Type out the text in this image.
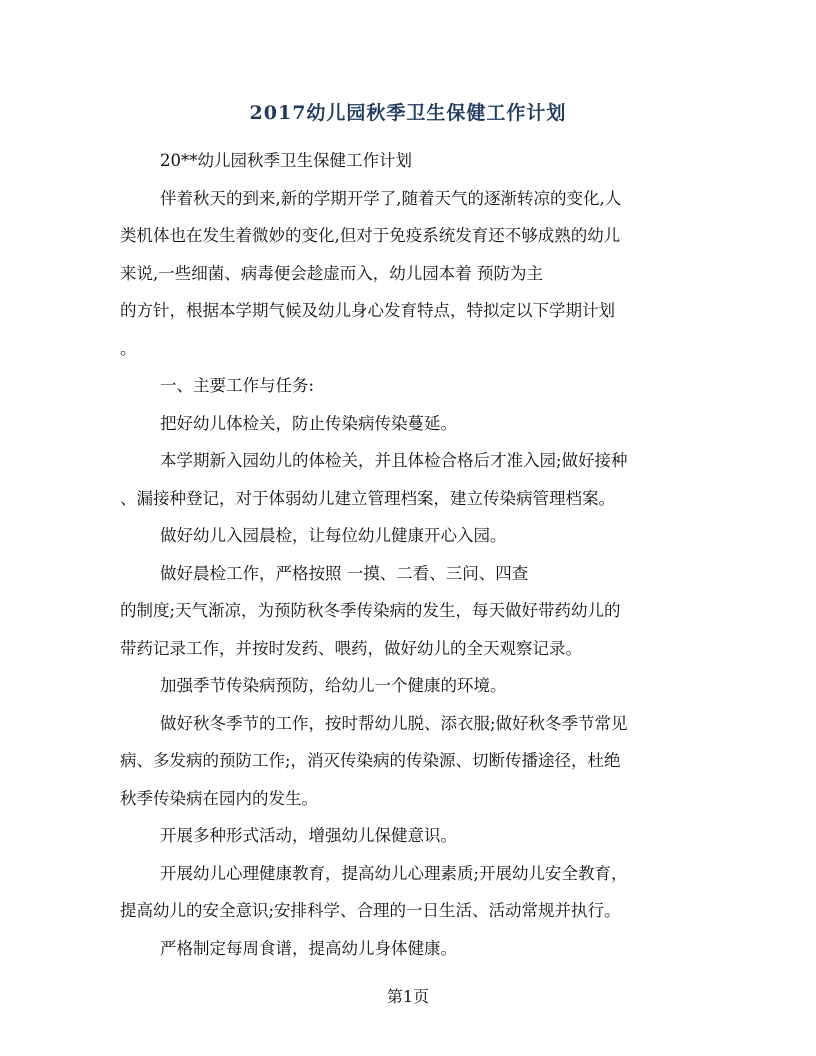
2017幼儿园秋季卫生保健工作计划
20**幼儿园秋季卫生保健工作计划
伴着秋天的到来,新的学期开学了,随着天气的逐渐转凉的变化,人
类机体也在发生着微妙的变化,但对于免疫系统发育还不够成熟的幼儿
来说,一些细菌、病毒便会趁虚而入，幼儿园本着 预防为主
的方针，根据本学期气候及幼儿身心发育特点，特拟定以下学期计划
。
一、主要工作与任务:
把好幼儿体检关，防止传染病传染蔓延。
本学期新入园幼儿的体检关，并且体检合格后才准入园;做好接种
、漏接种登记，对于体弱幼儿建立管理档案，建立传染病管理档案。
做好幼儿入园晨检，让每位幼儿健康开心入园。
做好晨检工作，严格按照 一摸、二看、三问、四查
的制度;天气渐凉，为预防秋冬季传染病的发生，每天做好带药幼儿的
带药记录工作，并按时发药、喂药，做好幼儿的全天观察记录。
加强季节传染病预防，给幼儿一个健康的环境。
做好秋冬季节的工作，按时帮幼儿脱、添衣服;做好秋冬季节常见
病、多发病的预防工作;，消灭传染病的传染源、切断传播途径，杜绝
秋季传染病在园内的发生。
开展多种形式活动，增强幼儿保健意识。
开展幼儿心理健康教育，提高幼儿心理素质;开展幼儿安全教育，
提高幼儿的安全意识;安排科学、合理的一日生活、活动常规并执行。
严格制定每周食谱，提高幼儿身体健康。
第1页
